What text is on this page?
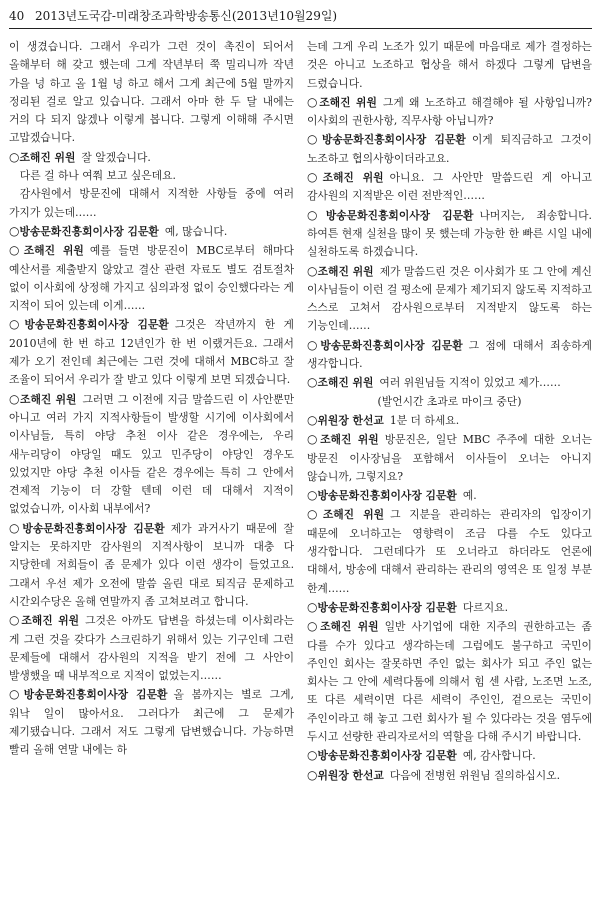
40 2013년도국감-미래창조과학방송통신(2013년10월29일)

이 생겼습니다. 그래서 우리가 그런 것이 촉진이 되어서 올해부터 해 갖고 했는데 그게 작년부터 쭉 밀리니까 작년 가을 넝 하고 올 1월 넝 하고 해서 그게 최근에 5월 말까지 정리된 걸로 알고 있습니다. 그래서 아마 한 두 달 내에는 거의 다 되지 않겠나 이렇게 봅니다. 그렇게 이해해 주시면 고맙겠습니다.

○조해진 위원 잘 알겠습니다.

다른 걸 하나 여쭤 보고 싶은데요.

감사원에서 방문진에 대해서 지적한 사항들 중에 여러 가지가 있는데……

○방송문화진흥회이사장 김문환 예, 많습니다.

○조해진 위원 예를 들면 방문진이 MBC로부터 해마다 예산서를 제출받지 않았고 결산 관련 자료도 별도 검토절차 없이 이사회에 상정해 가지고 심의과정 없이 승인했다라는 게 지적이 되어 있는데 이게……

○방송문화진흥회이사장 김문환 그것은 작년까지 한 게 2010년에 한 번 하고 12년인가 한 번 이랬거든요. 그래서 제가 오기 전인데 최근에는 그런 것에 대해서 MBC하고 잘 조율이 되어서 우리가 잘 받고 있다 이렇게 보면 되겠습니다.

○조해진 위원 그러면 그 이전에 지금 말씀드린 이 사안뿐만 아니고 여러 가지 지적사항들이 발생할 시기에 이사회에서 이사님들, 특히 야당 추천 이사 같은 경우에는, 우리 새누리당이 야당일 때도 있고 민주당이 야당인 경우도 있었지만 야당 추천 이사들 같은 경우에는 특히 그 안에서 견제적 기능이 더 강할 텐데 이런 데 대해서 지적이 없었습니까, 이사회 내부에서?

○방송문화진흥회이사장 김문환 제가 과거사기 때문에 잘 알지는 못하지만 감사원의 지적사항이 보니까 대충 다 지당한데 저희들이 좀 문제가 있다 이런 생각이 들었고요. 그래서 우선 제가 오전에 말씀 올린 대로 퇴직금 문제하고 시간외수당은 올해 연말까지 좀 고쳐보려고 합니다.

○조해진 위원 그것은 아까도 답변을 하셨는데 이사회라는 게 그런 것을 갖다가 스크린하기 위해서 있는 기구인데 그런 문제들에 대해서 감사원의 지적을 받기 전에 그 사안이 발생했을 때 내부적으로 지적이 없었는지……

○방송문화진흥회이사장 김문환 올 봄까지는 별로 그게, 워낙 일이 많아서요. 그러다가 최근에 그 문제가 제기됐습니다. 그래서 저도 그렇게 답변했습니다. 가능하면 빨리 올해 연말 내에는 하

는데 그게 우리 노조가 있기 때문에 마음대로 제가 결정하는 것은 아니고 노조하고 협상을 해서 하겠다 그렇게 답변을 드렸습니다.

○조해진 위원 그게 왜 노조하고 해결해야 될 사항입니까? 이사회의 권한사항, 직무사항 아닙니까?

○방송문화진흥회이사장 김문환 이게 퇴직금하고 그것이 노조하고 협의사항이더라고요.

○조해진 위원 아니요. 그 사안만 말씀드린 게 아니고 감사원의 지적받은 이런 전반적인……

○방송문화진흥회이사장 김문환 나머지는, 죄송합니다. 하여튼 현재 실천을 많이 못 했는데 가능한 한 빠른 시일 내에 실천하도록 하겠습니다.

○조해진 위원 제가 말씀드린 것은 이사회가 또 그 안에 계신 이사님들이 이런 걸 평소에 문제가 제기되지 않도록 지적하고 스스로 고쳐서 감사원으로부터 지적받지 않도록 하는 기능인데……

○방송문화진흥회이사장 김문환 그 점에 대해서 죄송하게 생각합니다.

○조해진 위원 여러 위원님들 지적이 있었고 제가……

(발언시간 초과로 마이크 중단)

○위원장 한선교 1분 더 하세요.

○조해진 위원 방문진은, 일단 MBC 주주에 대한 오너는 방문진 이사장님을 포함해서 이사들이 오너는 아니지 않습니까, 그렇지요?

○방송문화진흥회이사장 김문환 예.

○조해진 위원 그 지분을 관리하는 관리자의 입장이기 때문에 오너하고는 영향력이 조금 다를 수도 있다고 생각합니다. 그런데다가 또 오너라고 하더라도 언론에 대해서, 방송에 대해서 관리하는 관리의 영역은 또 일정 부분 한계……

○방송문화진흥회이사장 김문환 다르지요.

○조해진 위원 일반 사기업에 대한 지주의 권한하고는 좀 다를 수가 있다고 생각하는데 그럼에도 불구하고 국민이 주인인 회사는 잘못하면 주인 없는 회사가 되고 주인 없는 회사는 그 안에 세력다툼에 의해서 힘 센 사람, 노조면 노조, 또 다른 세력이면 다른 세력이 주인인, 겉으로는 국민이 주인이라고 해 놓고 그런 회사가 될 수 있다라는 것을 염두에 두시고 선량한 관리자로서의 역할을 다해 주시기 바랍니다.

○방송문화진흥회이사장 김문환 예, 감사합니다.

○위원장 한선교 다음에 전병헌 위원님 질의하십시오.
